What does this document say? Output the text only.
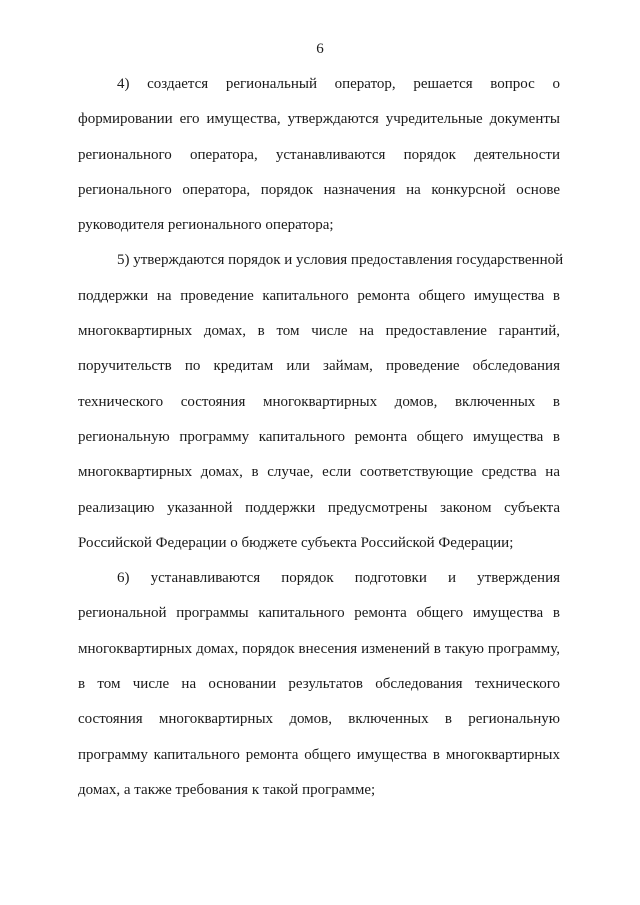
6
4) создается региональный оператор, решается вопрос о
формировании его имущества, утверждаются учредительные документы
регионального оператора, устанавливаются порядок деятельности
регионального оператора, порядок назначения на конкурсной основе
руководителя регионального оператора;
5) утверждаются порядок и условия предоставления государственной
поддержки на проведение капитального ремонта общего имущества в
многоквартирных домах, в том числе на предоставление гарантий,
поручительств по кредитам или займам, проведение обследования
технического состояния многоквартирных домов, включенных в
региональную программу капитального ремонта общего имущества в
многоквартирных домах, в случае, если соответствующие средства на
реализацию указанной поддержки предусмотрены законом субъекта
Российской Федерации о бюджете субъекта Российской Федерации;
6) устанавливаются порядок подготовки и утверждения
региональной программы капитального ремонта общего имущества в
многоквартирных домах, порядок внесения изменений в такую программу,
в том числе на основании результатов обследования технического
состояния многоквартирных домов, включенных в региональную
программу капитального ремонта общего имущества в многоквартирных
домах, а также требования к такой программе;
